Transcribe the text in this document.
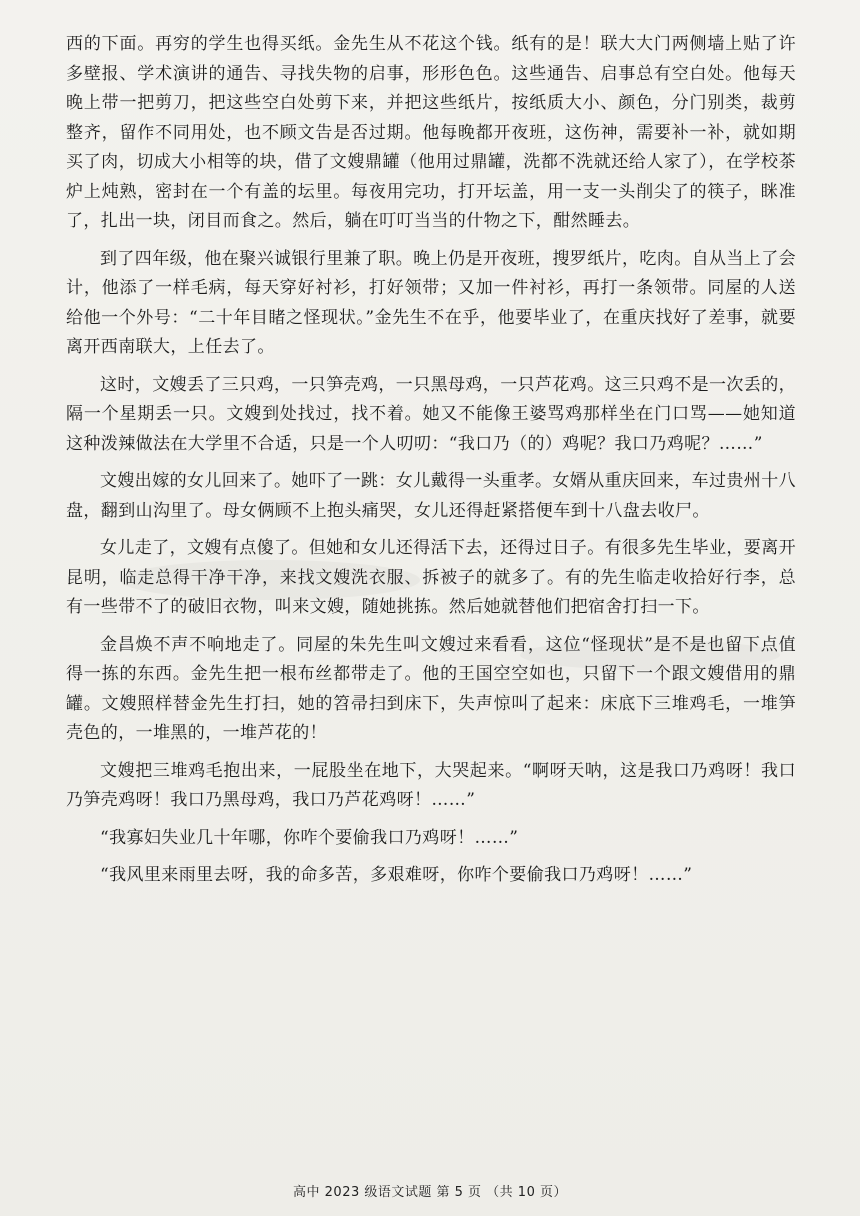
西的下面。再穷的学生也得买纸。金先生从不花这个钱。纸有的是！联大大门两侧墙上贴了许多壁报、学术演讲的通告、寻找失物的启事，形形色色。这些通告、启事总有空白处。他每天晚上带一把剪刀，把这些空白处剪下来，并把这些纸片，按纸质大小、颜色，分门别类，裁剪整齐，留作不同用处，也不顾文告是否过期。他每晚都开夜班，这伤神，需要补一补，就如期买了肉，切成大小相等的块，借了文嫂鼎罐（他用过鼎罐，洗都不洗就还给人家了），在学校茶炉上炖熟，密封在一个有盖的坛里。每夜用完功，打开坛盖，用一支一头削尖了的筷子，眯准了，扎出一块，闭目而食之。然后，躺在叮叮当当的什物之下，酣然睡去。

到了四年级，他在聚兴诚银行里兼了职。晚上仍是开夜班，搜罗纸片，吃肉。自从当上了会计，他添了一样毛病，每天穿好衬衫，打好领带；又加一件衬衫，再打一条领带。同屋的人送给他一个外号：“二十年目睹之怪现状。”金先生不在乎，他要毕业了，在重庆找好了差事，就要离开西南联大，上任去了。

这时，文嫂丢了三只鸡，一只笋壳鸡，一只黑母鸡，一只芦花鸡。这三只鸡不是一次丢的，隔一个星期丢一只。文嫂到处找过，找不着。她又不能像王婆骂鸡那样坐在门口骂——她知道这种泼辣做法在大学里不合适，只是一个人叨叨：“我口乃（的）鸡呢？我口乃鸡呢？……”

文嫂出嫁的女儿回来了。她吓了一跳：女儿戴得一头重孝。女婿从重庆回来，车过贵州十八盘，翻到山沟里了。母女俩顾不上抱头痛哭，女儿还得赶紧搭便车到十八盘去收尸。

女儿走了，文嫂有点傻了。但她和女儿还得活下去，还得过日子。有很多先生毕业，要离开昆明，临走总得干净干净，来找文嫂洗衣服、拆被子的就多了。有的先生临走收拾好行李，总有一些带不了的破旧衣物，叫来文嫂，随她挑拣。然后她就替他们把宿舍打扫一下。

金昌焕不声不响地走了。同屋的朱先生叫文嫂过来看看，这位“怪现状”是不是也留下点值得一拣的东西。金先生把一根布丝都带走了。他的王国空空如也，只留下一个跟文嫂借用的鼎罐。文嫂照样替金先生打扫，她的笤帚扫到床下，失声惊叫了起来：床底下三堆鸡毛，一堆笋壳色的，一堆黑的，一堆芦花的！

文嫂把三堆鸡毛抱出来，一屁股坐在地下，大哭起来。“啊呀天呐，这是我口乃鸡呀！我口乃笋壳鸡呀！我口乃黑母鸡，我口乃芦花鸡呀！……”

“我寡妇失业几十年哪，你咋个要偷我口乃鸡呀！……”

“我风里来雨里去呀，我的命多苦，多艰难呀，你咋个要偷我口乃鸡呀！……”

高中 2023 级语文试题 第 5 页 （共 10 页）
